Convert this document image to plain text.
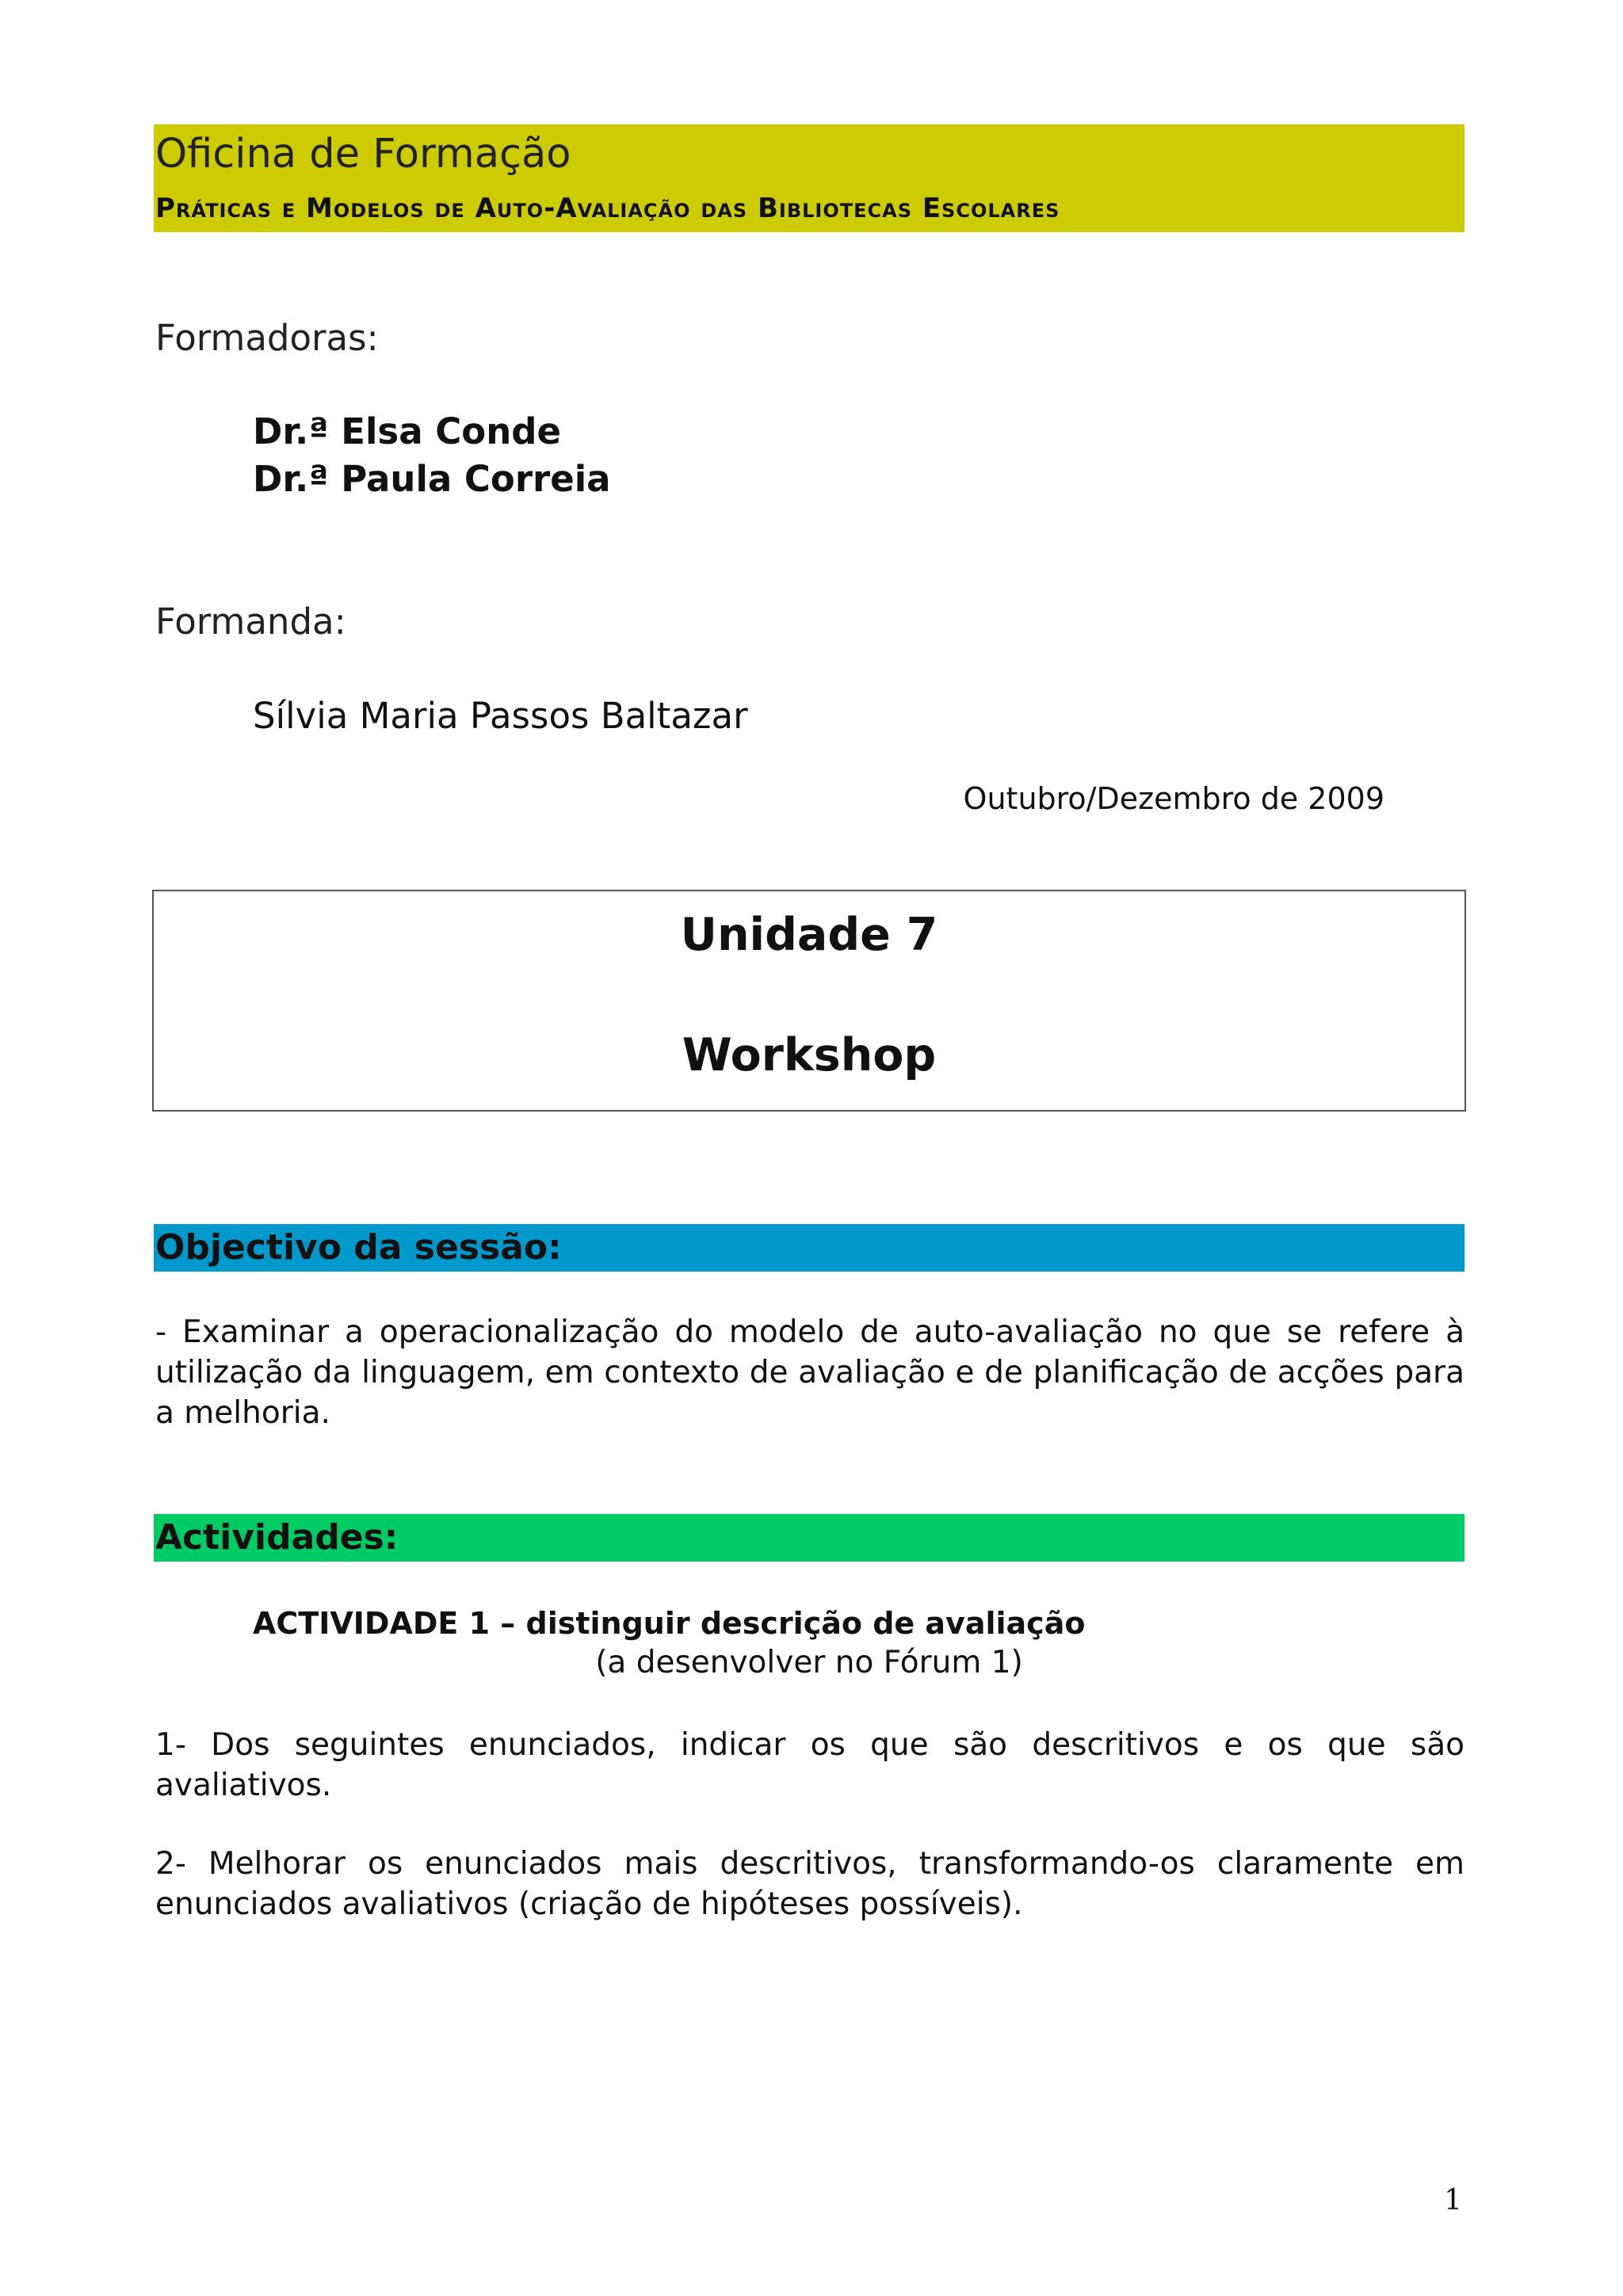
Oficina de Formação
Práticas e Modelos de Auto-Avaliação das Bibliotecas Escolares
Formadoras:
Dr.ª Elsa Conde
Dr.ª Paula Correia
Formanda:
Sílvia Maria Passos Baltazar
Outubro/Dezembro de 2009
Unidade 7
Workshop
Objectivo da sessão:
- Examinar a operacionalização do modelo de auto-avaliação no que se refere à utilização da linguagem, em contexto de avaliação e de planificação de acções para a melhoria.
Actividades:
ACTIVIDADE 1 – distinguir descrição de avaliação
(a desenvolver no Fórum 1)
1- Dos seguintes enunciados, indicar os que são descritivos e os que são avaliativos.
2- Melhorar os enunciados mais descritivos, transformando-os claramente em enunciados avaliativos (criação de hipóteses possíveis).
1
